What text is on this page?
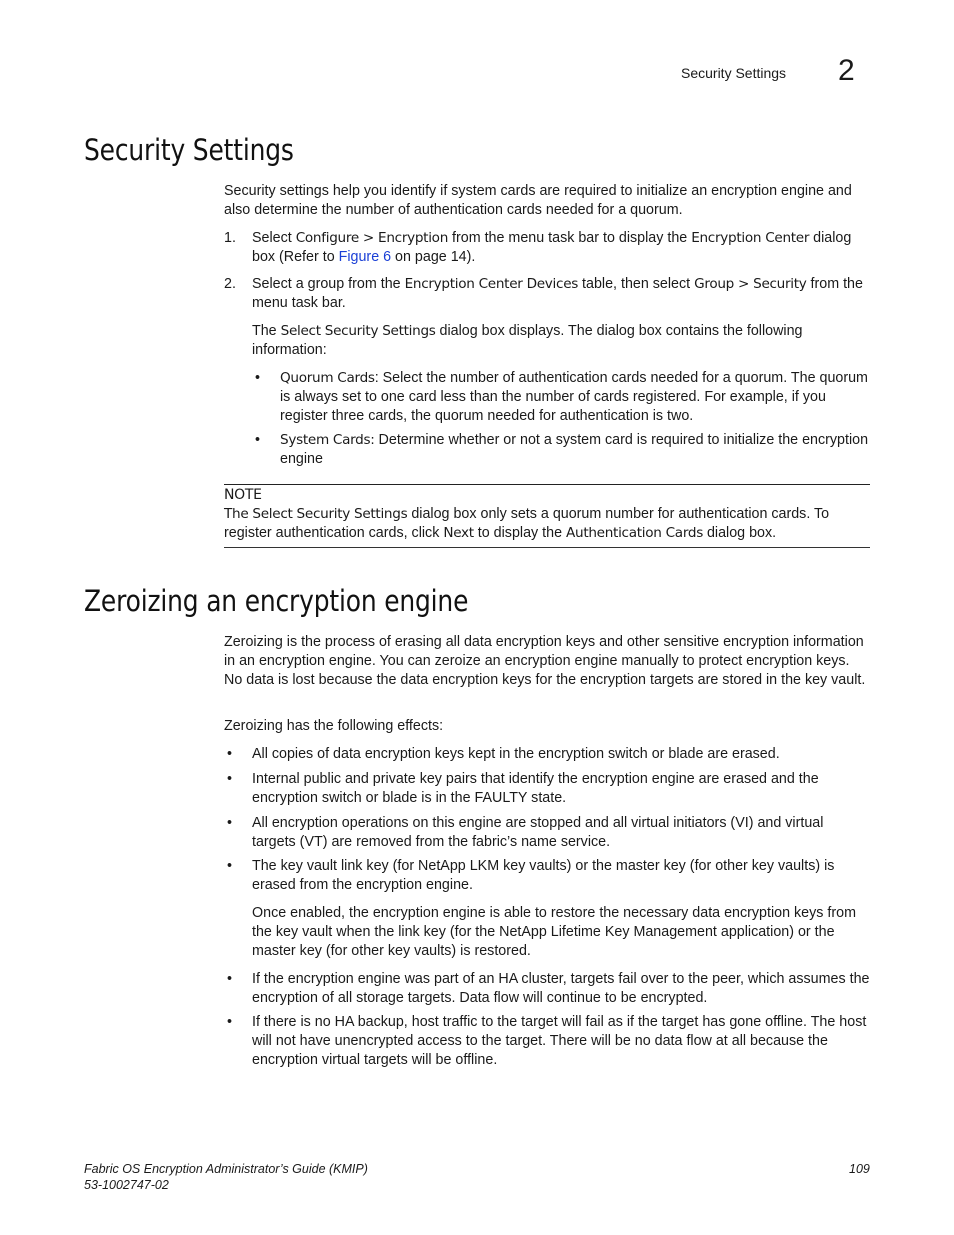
Security Settings 2
Security Settings
Security settings help you identify if system cards are required to initialize an encryption engine and also determine the number of authentication cards needed for a quorum.
1. Select Configure > Encryption from the menu task bar to display the Encryption Center dialog box (Refer to Figure 6 on page 14).
2. Select a group from the Encryption Center Devices table, then select Group > Security from the menu task bar.
The Select Security Settings dialog box displays. The dialog box contains the following information:
• Quorum Cards: Select the number of authentication cards needed for a quorum. The quorum is always set to one card less than the number of cards registered. For example, if you register three cards, the quorum needed for authentication is two.
• System Cards: Determine whether or not a system card is required to initialize the encryption engine
NOTE
The Select Security Settings dialog box only sets a quorum number for authentication cards. To register authentication cards, click Next to display the Authentication Cards dialog box.
Zeroizing an encryption engine
Zeroizing is the process of erasing all data encryption keys and other sensitive encryption information in an encryption engine. You can zeroize an encryption engine manually to protect encryption keys. No data is lost because the data encryption keys for the encryption targets are stored in the key vault.
Zeroizing has the following effects:
• All copies of data encryption keys kept in the encryption switch or blade are erased.
• Internal public and private key pairs that identify the encryption engine are erased and the encryption switch or blade is in the FAULTY state.
• All encryption operations on this engine are stopped and all virtual initiators (VI) and virtual targets (VT) are removed from the fabric’s name service.
• The key vault link key (for NetApp LKM key vaults) or the master key (for other key vaults) is erased from the encryption engine.
Once enabled, the encryption engine is able to restore the necessary data encryption keys from the key vault when the link key (for the NetApp Lifetime Key Management application) or the master key (for other key vaults) is restored.
• If the encryption engine was part of an HA cluster, targets fail over to the peer, which assumes the encryption of all storage targets. Data flow will continue to be encrypted.
• If there is no HA backup, host traffic to the target will fail as if the target has gone offline. The host will not have unencrypted access to the target. There will be no data flow at all because the encryption virtual targets will be offline.
Fabric OS Encryption Administrator’s Guide (KMIP)
53-1002747-02
109
